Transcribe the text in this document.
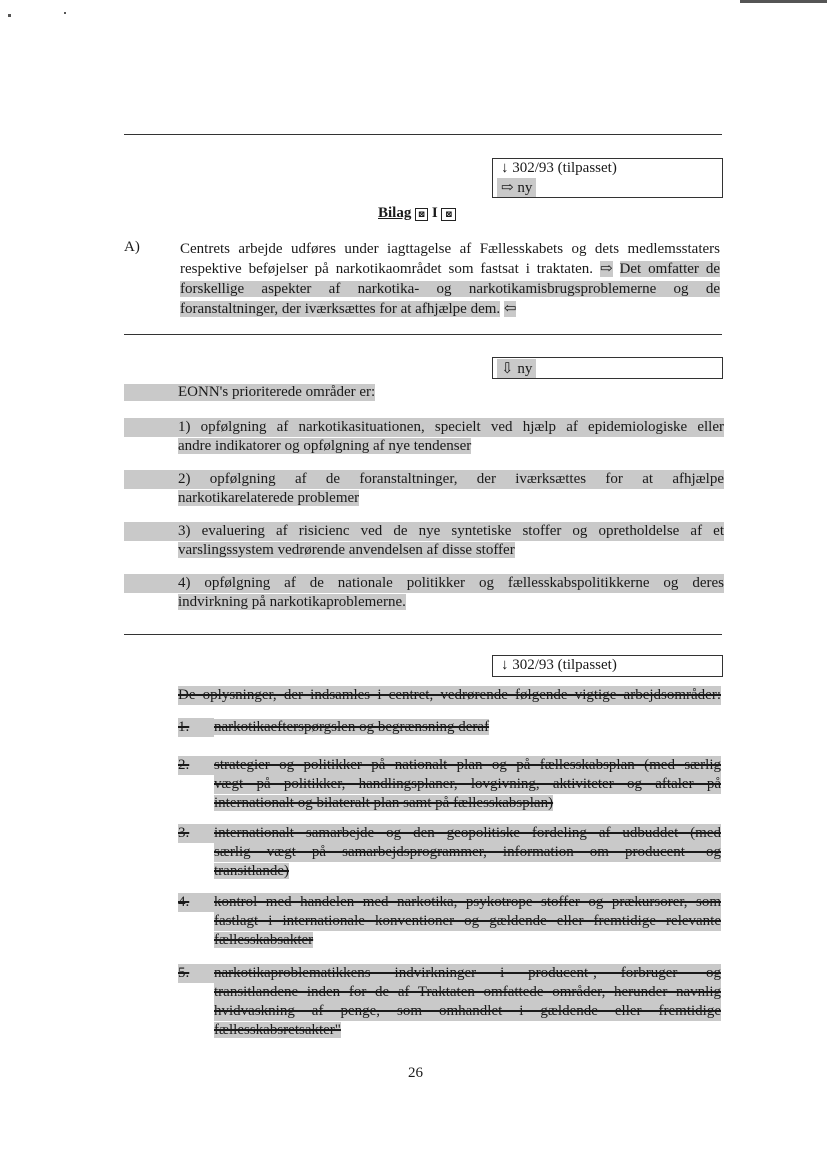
↓ 302/93 (tilpasset)
⇨ ny
Bilag ⊠ I ⊠
A)	Centrets arbejde udføres under iagttagelse af Fællesskabets og dets medlemsstaters respektive beføjelser på narkotikaområdet som fastsat i traktaten. ⇨ Det omfatter de forskellige aspekter af narkotika- og narkotikamisbrugsproblemerne og de foranstaltninger, der iværksættes for at afhjælpe dem. ⇦
⇩ ny
EONN's prioriterede områder er:
1) opfølgning af narkotikasituationen, specielt ved hjælp af epidemiologiske eller
andre indikatorer og opfølgning af nye tendenser
2) opfølgning af de foranstaltninger, der iværksættes for at afhjælpe
narkotikarelaterede problemer
3) evaluering af risicienc ved de nye syntetiske stoffer og opretholdelse af et
varslingssystem vedrørende anvendelsen af disse stoffer
4) opfølgning af de nationale politikker og fællesskabspolitikkerne og deres
indvirkning på narkotikaproblemerne.
↓ 302/93 (tilpasset)
De oplysninger, der indsamles i centret, vedrørende følgende vigtige arbejdsområder:
1. narkotikaefterspørgslen og begrænsning deraf
2.	strategier og politikker på nationalt plan og på fællesskabsplan (med særlig
vægt på politikker, handlingsplaner, lovgivning, aktiviteter og aftaler på
internationalt og bilateralt plan samt på fællesskabsplan)
3.	internationalt samarbejde og den geopolitiske fordeling af udbuddet (med
særlig vægt på samarbejdsprogrammer, information om producent- og
transitlande)
4.	kontrol med handelen med narkotika, psykotrope stoffer og prækursorer, som
fastlagt i internationale konventioner og gældende eller fremtidige relevante
fællesskabsakter
5.	narkotikaproblematikkens indvirkninger i producent-, forbruger- og
transitlandene inden for de af Traktaten omfattede områder, herunder navnlig
hvidvaskning af penge, som omhandlet i gældende eller fremtidige
fællesskabsretsakter"
26
